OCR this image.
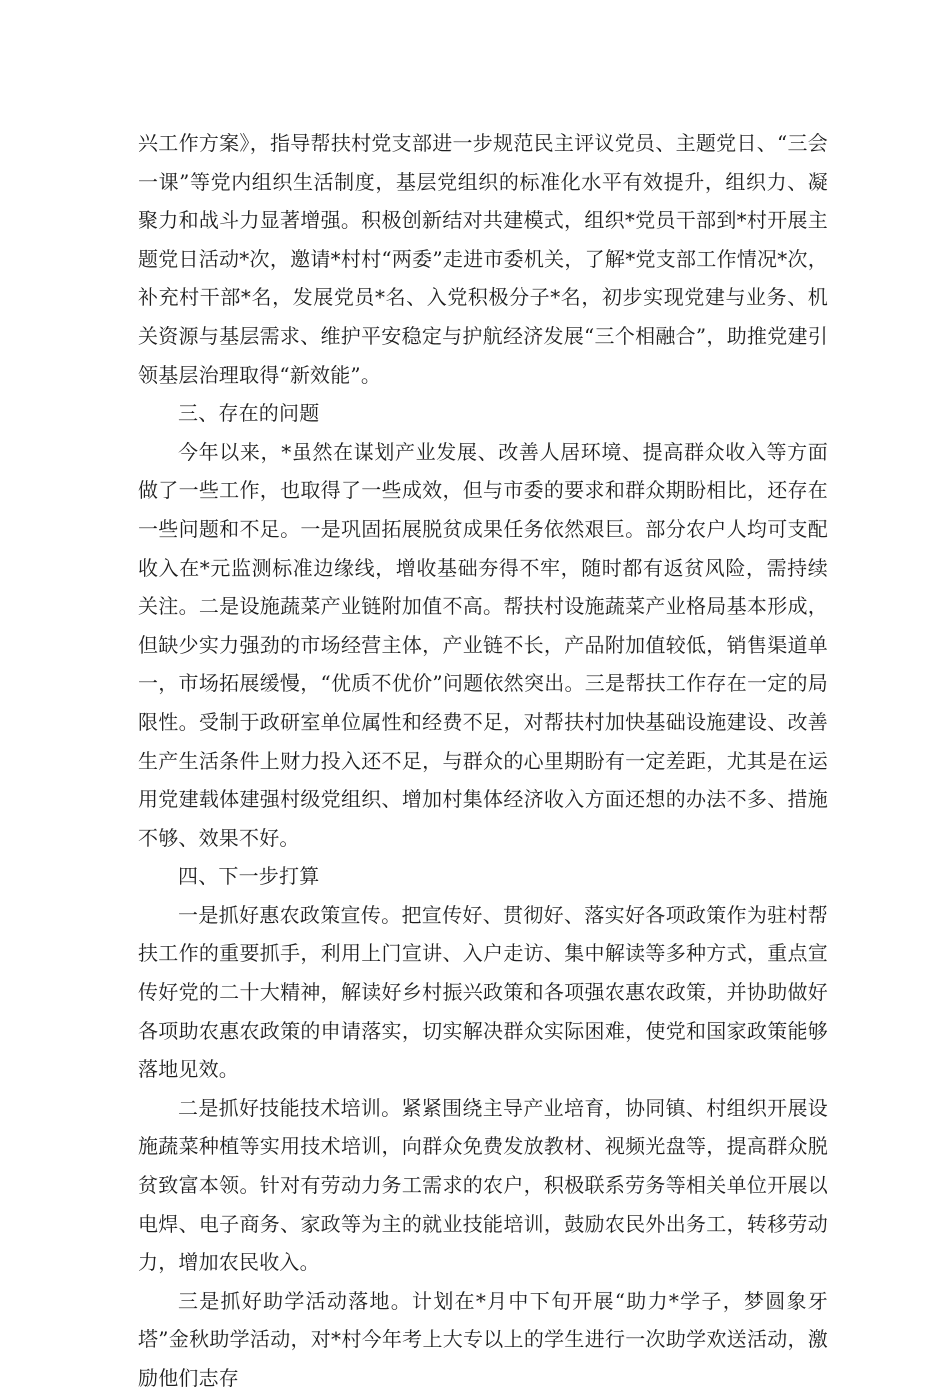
兴工作方案》，指导帮扶村党支部进一步规范民主评议党员、主题党日、“三会一课”等党内组织生活制度，基层党组织的标准化水平有效提升，组织力、凝聚力和战斗力显著增强。积极创新结对共建模式，组织*党员干部到*村开展主题党日活动*次，邀请*村村“两委”走进市委机关，了解*党支部工作情况*次，补充村干部*名，发展党员*名、入党积极分子*名，初步实现党建与业务、机关资源与基层需求、维护平安稳定与护航经济发展“三个相融合”，助推党建引领基层治理取得“新效能”。

三、存在的问题

今年以来，*虽然在谋划产业发展、改善人居环境、提高群众收入等方面做了一些工作，也取得了一些成效，但与市委的要求和群众期盼相比，还存在一些问题和不足。一是巩固拓展脱贫成果任务依然艰巨。部分农户人均可支配收入在*元监测标准边缘线，增收基础夯得不牢，随时都有返贫风险，需持续关注。二是设施蔬菜产业链附加值不高。帮扶村设施蔬菜产业格局基本形成，但缺少实力强劲的市场经营主体，产业链不长，产品附加值较低，销售渠道单一，市场拓展缓慢，“优质不优价”问题依然突出。三是帮扶工作存在一定的局限性。受制于政研室单位属性和经费不足，对帮扶村加快基础设施建设、改善生产生活条件上财力投入还不足，与群众的心里期盼有一定差距，尤其是在运用党建载体建强村级党组织、增加村集体经济收入方面还想的办法不多、措施不够、效果不好。

四、下一步打算

一是抓好惠农政策宣传。把宣传好、贯彻好、落实好各项政策作为驻村帮扶工作的重要抓手，利用上门宣讲、入户走访、集中解读等多种方式，重点宣传好党的二十大精神，解读好乡村振兴政策和各项强农惠农政策，并协助做好各项助农惠农政策的申请落实，切实解决群众实际困难，使党和国家政策能够落地见效。

二是抓好技能技术培训。紧紧围绕主导产业培育，协同镇、村组织开展设施蔬菜种植等实用技术培训，向群众免费发放教材、视频光盘等，提高群众脱贫致富本领。针对有劳动力务工需求的农户，积极联系劳务等相关单位开展以电焊、电子商务、家政等为主的就业技能培训，鼓励农民外出务工，转移劳动力，增加农民收入。

三是抓好助学活动落地。计划在*月中下旬开展“助力*学子，梦圆象牙塔”金秋助学活动，对*村今年考上大专以上的学生进行一次助学欢送活动，激励他们志存
